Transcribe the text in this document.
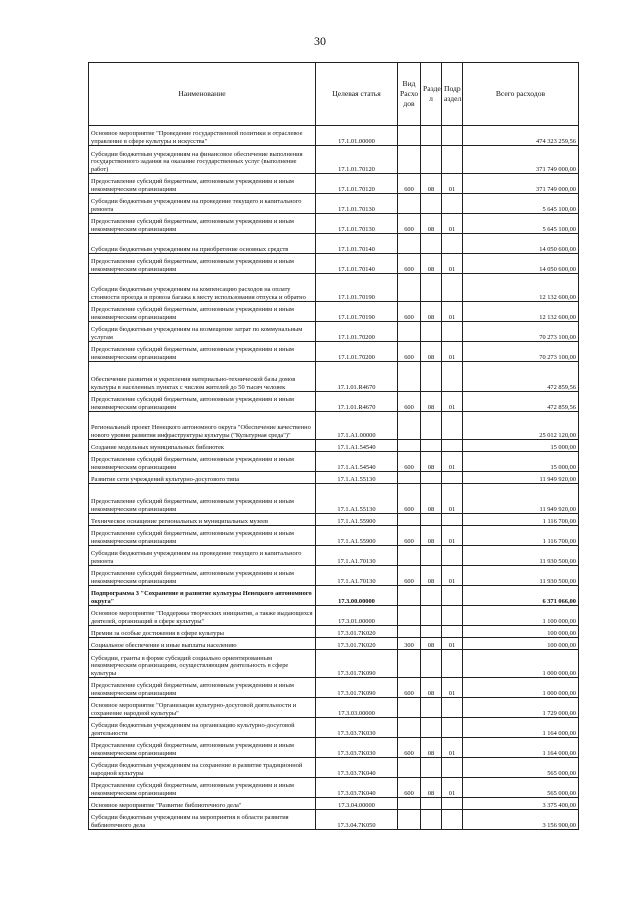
30
Наименование	Целевая статья	Вид Расхо дов	Разде л	Подр аздел	Всего расходов
Основное мероприятие "Проведение государственной политики и отраслевое управление в сфере культуры и искусства"	17.1.01.00000				474 323 259,56
Субсидии бюджетным учреждениям на финансовое обеспечение выполнения государственного задания на оказание государственных услуг (выполнение работ)	17.1.01.70120				371 749 000,00
Предоставление субсидий бюджетным, автономным учреждениям и иным некоммерческим организациям	17.1.01.70120	600	08	01	371 749 000,00
Субсидии бюджетным учреждениям на проведение текущего и капитального ремонта	17.1.01.70130				5 645 100,00
Предоставление субсидий бюджетным, автономным учреждениям и иным некоммерческим организациям	17.1.01.70130	600	08	01	5 645 100,00
Субсидии бюджетным учреждениям на приобретение основных средств	17.1.01.70140				14 050 600,00
Предоставление субсидий бюджетным, автономным учреждениям и иным некоммерческим организациям	17.1.01.70140	600	08	01	14 050 600,00
Субсидии бюджетным учреждениям на компенсацию расходов на оплату стоимости проезда и провоза багажа к месту использования отпуска и обратно	17.1.01.70190				12 132 600,00
Предоставление субсидий бюджетным, автономным учреждениям и иным некоммерческим организациям	17.1.01.70190	600	08	01	12 132 600,00
Субсидии бюджетным учреждениям на возмещение затрат по коммунальным услугам	17.1.01.70200				70 273 100,00
Предоставление субсидий бюджетным, автономным учреждениям и иным некоммерческим организациям	17.1.01.70200	600	08	01	70 273 100,00
Обеспечение развития и укрепления материально-технической базы домов культуры в населенных пунктах с числом жителей до 50 тысяч человек	17.1.01.R4670				472 859,56
Предоставление субсидий бюджетным, автономным учреждениям и иным некоммерческим организациям	17.1.01.R4670	600	08	01	472 859,56
Региональный проект Ненецкого автономного округа "Обеспечение качественно нового уровня развития инфраструктуры культуры ("Культурная среда")"	17.1.A1.00000				25 012 120,00
Создание модельных муниципальных библиотек	17.1.A1.54540				15 000,00
Предоставление субсидий бюджетным, автономным учреждениям и иным некоммерческим организациям	17.1.A1.54540	600	08	01	15 000,00
Развитие сети учреждений культурно-досугового типа	17.1.A1.55130				11 949 920,00
Предоставление субсидий бюджетным, автономным учреждениям и иным некоммерческим организациям	17.1.A1.55130	600	08	01	11 949 920,00
Техническое оснащение региональных и муниципальных музеев	17.1.A1.55900				1 116 700,00
Предоставление субсидий бюджетным, автономным учреждениям и иным некоммерческим организациям	17.1.A1.55900	600	08	01	1 116 700,00
Субсидии бюджетным учреждениям на проведение текущего и капитального ремонта	17.1.A1.70130				11 930 500,00
Предоставление субсидий бюджетным, автономным учреждениям и иным некоммерческим организациям	17.1.A1.70130	600	08	01	11 930 500,00
Подпрограмма 3 "Сохранение и развитие культуры Ненецкого автономного округа"	17.3.00.00000				6 371 066,00
Основное мероприятие "Поддержка творческих инициатив, а также выдающихся деятелей, организаций в сфере культуры"	17.3.01.00000				1 100 000,00
Премии за особые достижения в сфере культуры	17.3.01.7K020				100 000,00
Социальное обеспечение и иные выплаты населению	17.3.01.7K020	300	08	01	100 000,00
Субсидии, гранты в форме субсидий социально ориентированным некоммерческим организациям, осуществляющим деятельность в сфере культуры	17.3.01.7K090				1 000 000,00
Предоставление субсидий бюджетным, автономным учреждениям и иным некоммерческим организациям	17.3.01.7K090	600	08	01	1 000 000,00
Основное мероприятие "Организация культурно-досуговой деятельности и сохранение народной культуры"	17.3.03.00000				1 729 000,00
Субсидии бюджетным учреждениям на организацию культурно-досуговой деятельности	17.3.03.7K030				1 164 000,00
Предоставление субсидий бюджетным, автономным учреждениям и иным некоммерческим организациям	17.3.03.7K030	600	08	01	1 164 000,00
Субсидии бюджетным учреждениям на сохранение и развитие традиционной народной культуры	17.3.03.7K040				565 000,00
Предоставление субсидий бюджетным, автономным учреждениям и иным некоммерческим организациям	17.3.03.7K040	600	08	01	565 000,00
Основное мероприятие "Развитие библиотечного дела"	17.3.04.00000				3 375 400,00
Субсидии бюджетным учреждениям на мероприятия в области развития библиотечного дела	17.3.04.7K050				3 156 900,00
